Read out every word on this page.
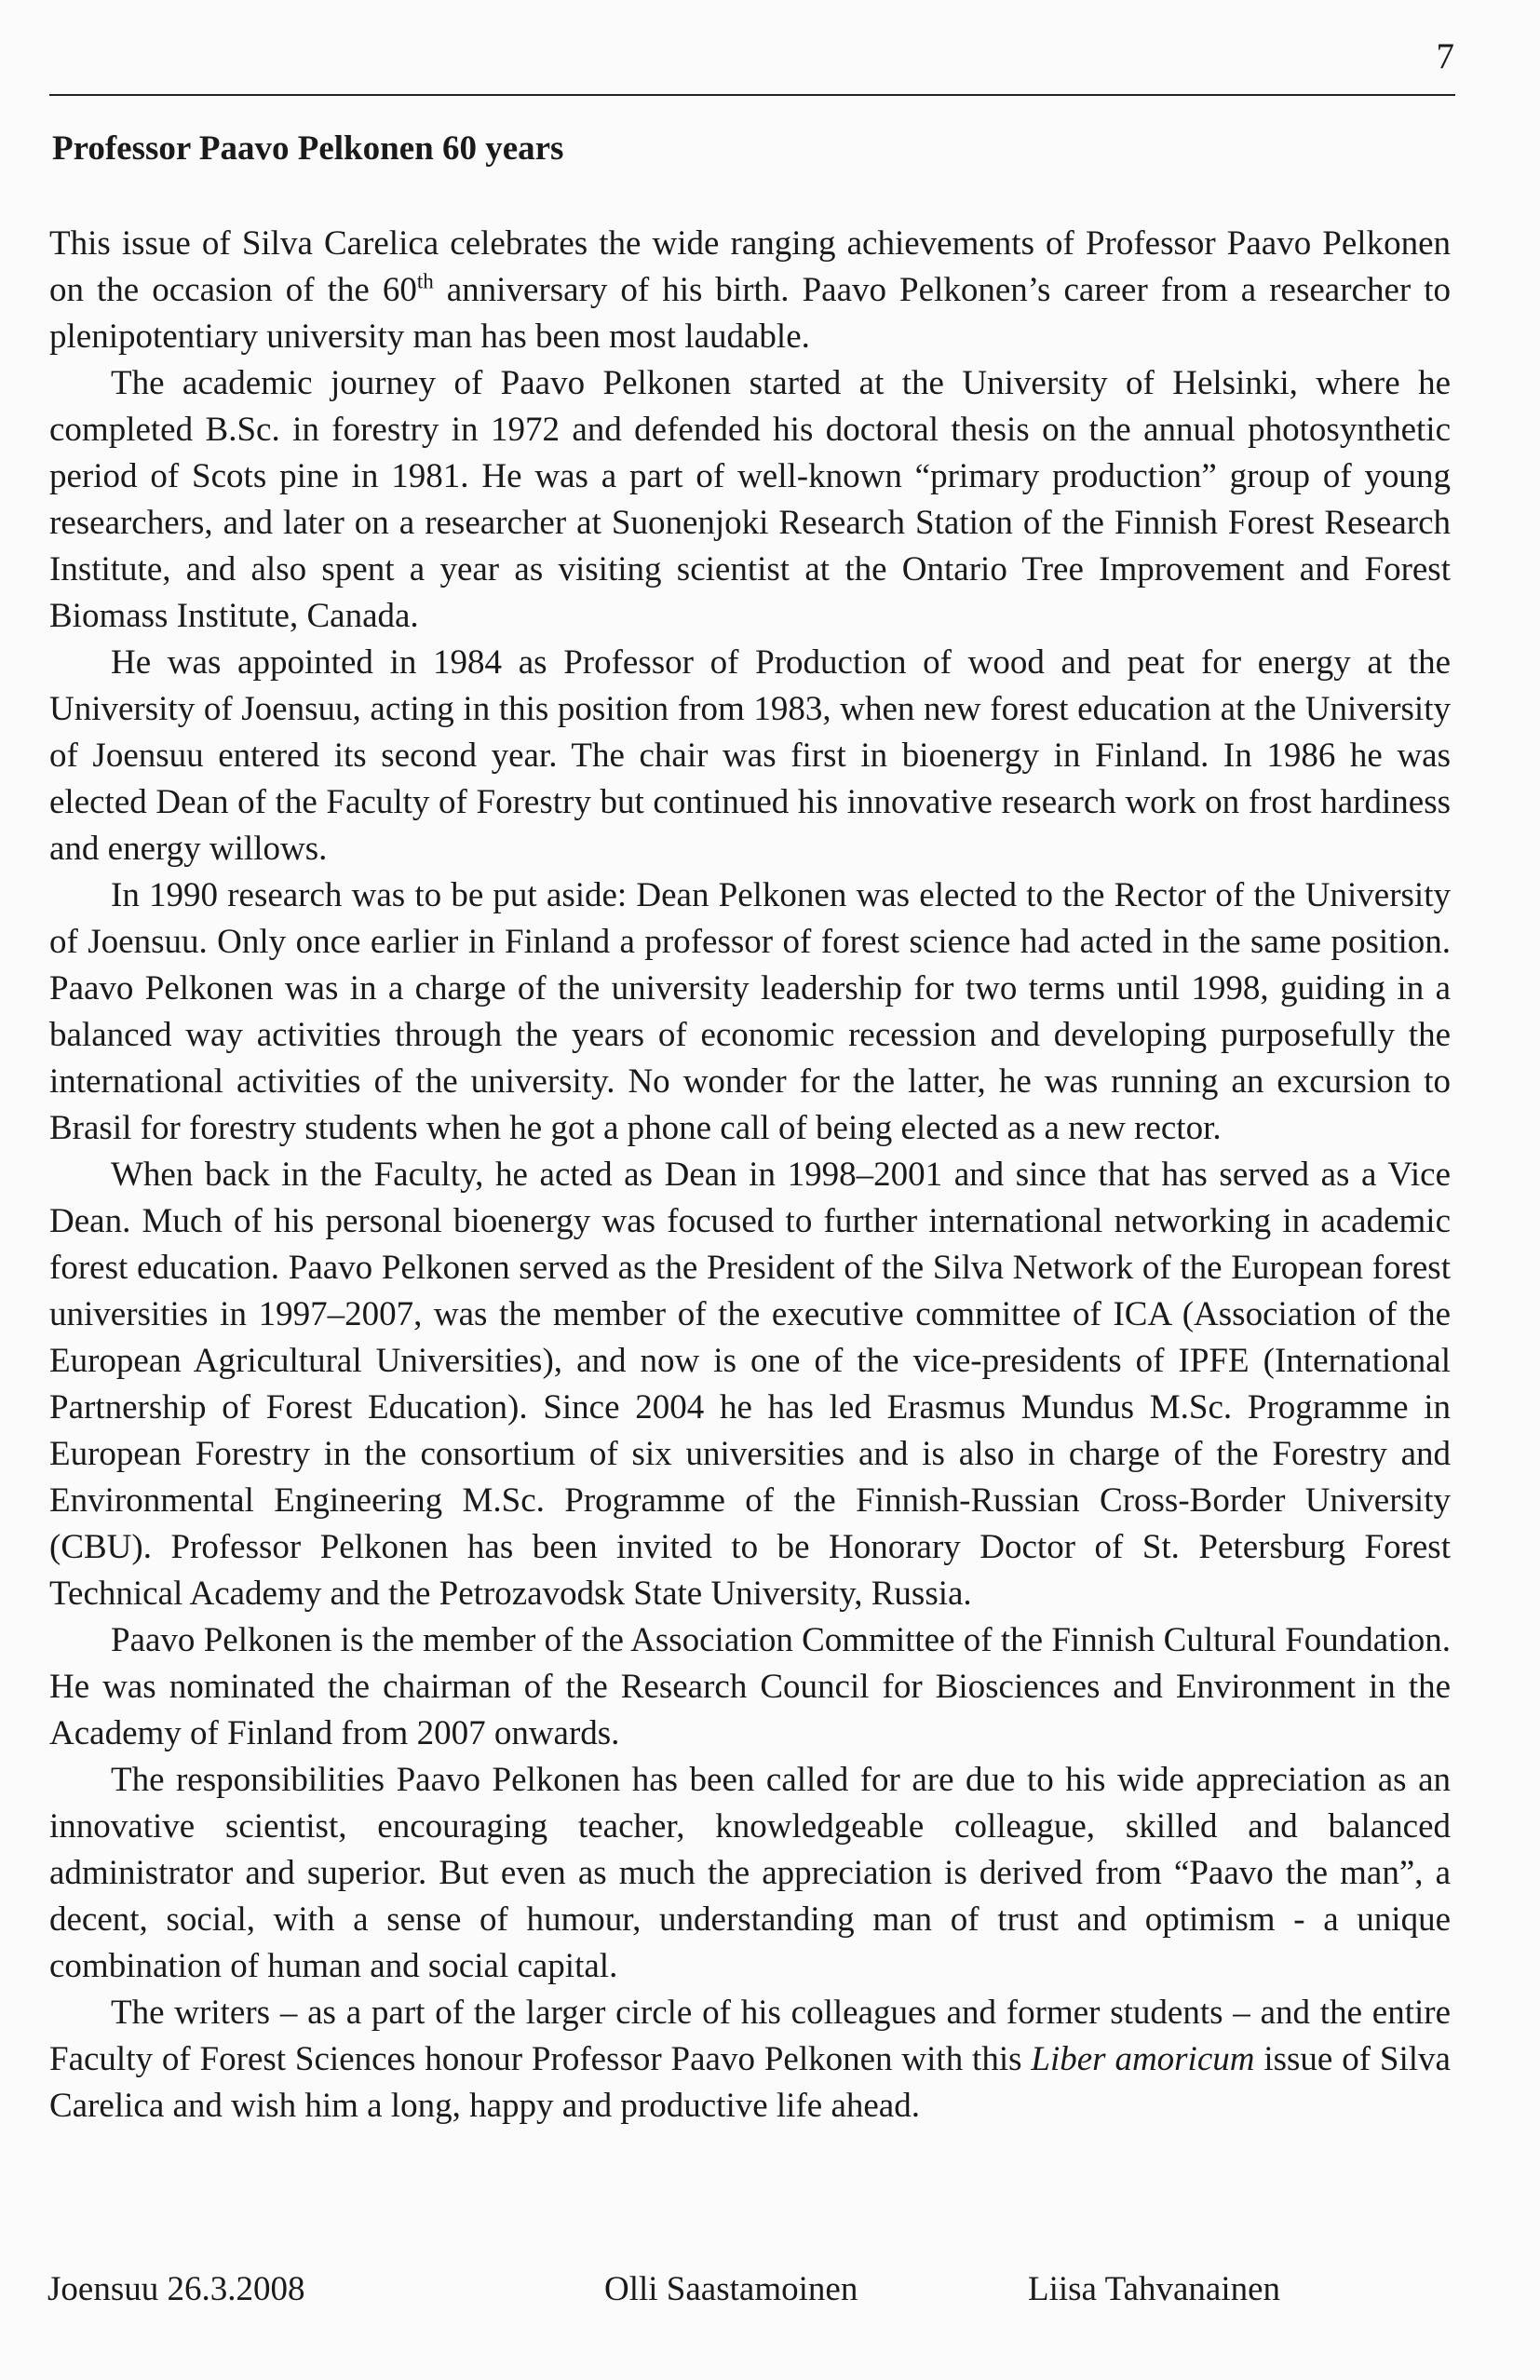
7
Professor Paavo Pelkonen 60 years

This issue of Silva Carelica celebrates the wide ranging achievements of Professor Paavo Pelkonen on the occasion of the 60th anniversary of his birth. Paavo Pelkonen’s career from a researcher to plenipotentiary university man has been most laudable.

The academic journey of Paavo Pelkonen started at the University of Helsinki, where he completed B.Sc. in forestry in 1972 and defended his doctoral thesis on the annual photosynthetic period of Scots pine in 1981. He was a part of well-known “primary production” group of young researchers, and later on a researcher at Suonenjoki Research Station of the Finnish Forest Research Institute, and also spent a year as visiting scientist at the Ontario Tree Improvement and Forest Biomass Institute, Canada.

He was appointed in 1984 as Professor of Production of wood and peat for energy at the University of Joensuu, acting in this position from 1983, when new forest education at the University of Joensuu entered its second year. The chair was first in bioenergy in Finland. In 1986 he was elected Dean of the Faculty of Forestry but continued his innovative research work on frost hardiness and energy willows.

In 1990 research was to be put aside: Dean Pelkonen was elected to the Rector of the University of Joensuu. Only once earlier in Finland a professor of forest science had acted in the same position. Paavo Pelkonen was in a charge of the university leadership for two terms until 1998, guiding in a balanced way activities through the years of economic recession and developing purposefully the international activities of the university. No wonder for the latter, he was running an excursion to Brasil for forestry students when he got a phone call of being elected as a new rector.

When back in the Faculty, he acted as Dean in 1998–2001 and since that has served as a Vice Dean. Much of his personal bioenergy was focused to further international networking in academic forest education. Paavo Pelkonen served as the President of the Silva Network of the European forest universities in 1997–2007, was the member of the executive committee of ICA (Association of the European Agricultural Universities), and now is one of the vice-presidents of IPFE (International Partnership of Forest Education). Since 2004 he has led Erasmus Mundus M.Sc. Programme in European Forestry in the consortium of six universities and is also in charge of the Forestry and Environmental Engineering M.Sc. Programme of the Finnish-Russian Cross-Border University (CBU). Professor Pelkonen has been invited to be Honorary Doctor of St. Petersburg Forest Technical Academy and the Petrozavodsk State University, Russia.

Paavo Pelkonen is the member of the Association Committee of the Finnish Cultural Foundation. He was nominated the chairman of the Research Council for Biosciences and Environment in the Academy of Finland from 2007 onwards.

The responsibilities Paavo Pelkonen has been called for are due to his wide appreciation as an innovative scientist, encouraging teacher, knowledgeable colleague, skilled and balanced administrator and superior. But even as much the appreciation is derived from “Paavo the man”, a decent, social, with a sense of humour, understanding man of trust and optimism - a unique combination of human and social capital.

The writers – as a part of the larger circle of his colleagues and former students – and the entire Faculty of Forest Sciences honour Professor Paavo Pelkonen with this Liber amoricum issue of Silva Carelica and wish him a long, happy and productive life ahead.

Joensuu 26.3.2008	Olli Saastamoinen	Liisa Tahvanainen
